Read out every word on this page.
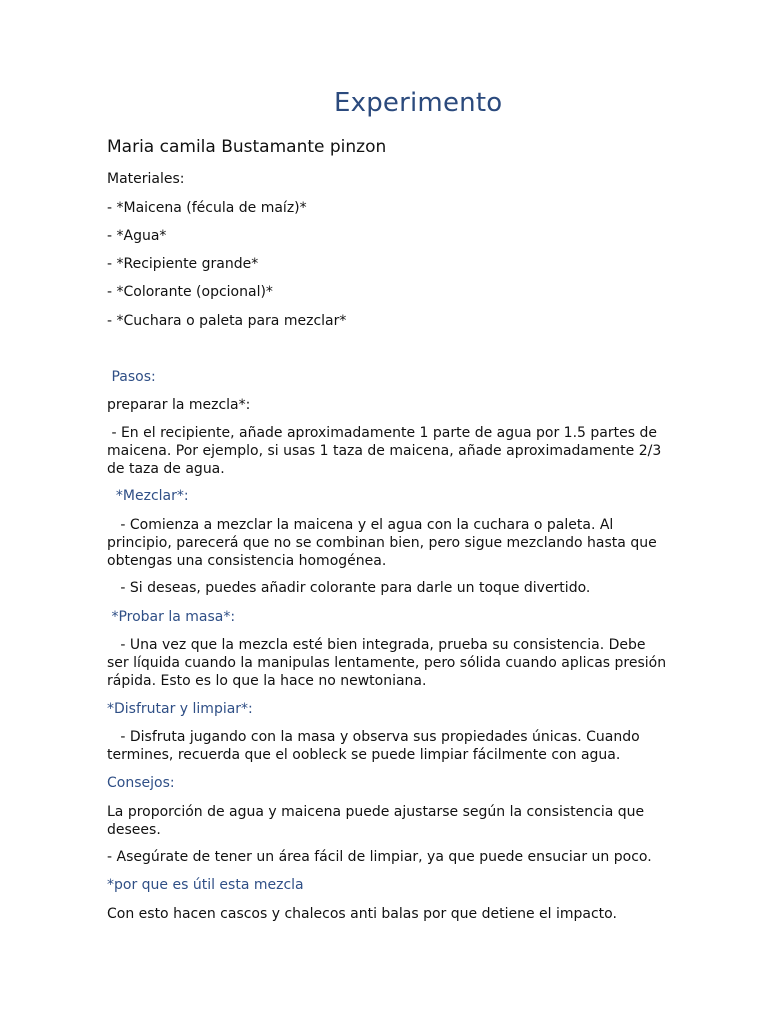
Experimento
Maria camila Bustamante pinzon
Materiales:
- *Maicena (fécula de maíz)*
- *Agua*
- *Recipiente grande*
- *Colorante (opcional)*
- *Cuchara o paleta para mezclar*
Pasos:
preparar la mezcla*:
- En el recipiente, añade aproximadamente 1 parte de agua por 1.5 partes de maicena. Por ejemplo, si usas 1 taza de maicena, añade aproximadamente 2/3 de taza de agua.
*Mezclar*:
- Comienza a mezclar la maicena y el agua con la cuchara o paleta. Al principio, parecerá que no se combinan bien, pero sigue mezclando hasta que obtengas una consistencia homogénea.
- Si deseas, puedes añadir colorante para darle un toque divertido.
*Probar la masa*:
- Una vez que la mezcla esté bien integrada, prueba su consistencia. Debe ser líquida cuando la manipulas lentamente, pero sólida cuando aplicas presión rápida. Esto es lo que la hace no newtoniana.
*Disfrutar y limpiar*:
- Disfruta jugando con la masa y observa sus propiedades únicas. Cuando termines, recuerda que el oobleck se puede limpiar fácilmente con agua.
Consejos:
La proporción de agua y maicena puede ajustarse según la consistencia que desees.
- Asegúrate de tener un área fácil de limpiar, ya que puede ensuciar un poco.
*por que es útil esta mezcla
Con esto hacen cascos y chalecos anti balas por que detiene el impacto.
